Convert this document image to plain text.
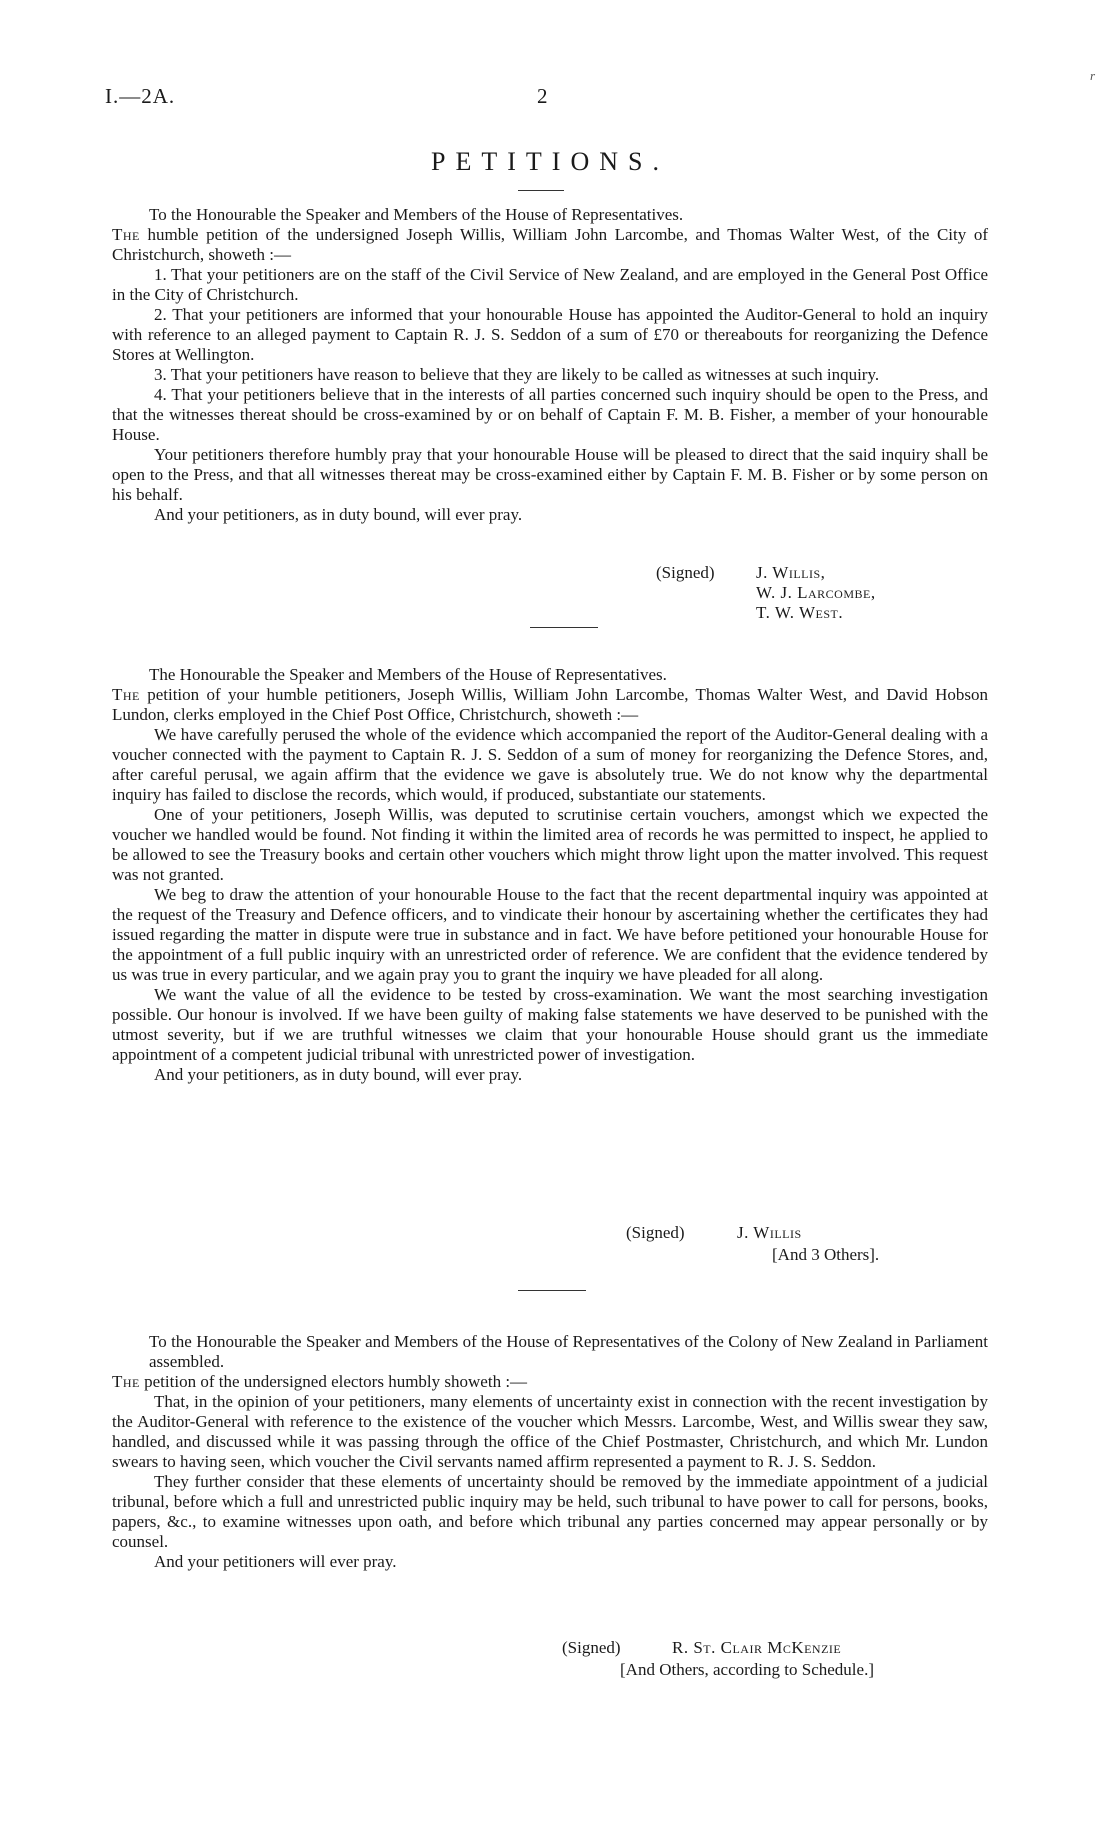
r
I.—2A.	2
PETITIONS.

To the Honourable the Speaker and Members of the House of Representatives.

The humble petition of the undersigned Joseph Willis, William John Larcombe, and Thomas Walter West, of the City of Christchurch, showeth :—

1. That your petitioners are on the staff of the Civil Service of New Zealand, and are employed in the General Post Office in the City of Christchurch.

2. That your petitioners are informed that your honourable House has appointed the Auditor-General to hold an inquiry with reference to an alleged payment to Captain R. J. S. Seddon of a sum of £70 or thereabouts for reorganizing the Defence Stores at Wellington.

3. That your petitioners have reason to believe that they are likely to be called as witnesses at such inquiry.

4. That your petitioners believe that in the interests of all parties concerned such inquiry should be open to the Press, and that the witnesses thereat should be cross-examined by or on behalf of Captain F. M. B. Fisher, a member of your honourable House.

Your petitioners therefore humbly pray that your honourable House will be pleased to direct that the said inquiry shall be open to the Press, and that all witnesses thereat may be cross-examined either by Captain F. M. B. Fisher or by some person on his behalf.

And your petitioners, as in duty bound, will ever pray.

(Signed) J. Willis,
W. J. Larcombe,
T. W. West.

The Honourable the Speaker and Members of the House of Representatives.

The petition of your humble petitioners, Joseph Willis, William John Larcombe, Thomas Walter West, and David Hobson Lundon, clerks employed in the Chief Post Office, Christchurch, showeth :—

We have carefully perused the whole of the evidence which accompanied the report of the Auditor-General dealing with a voucher connected with the payment to Captain R. J. S. Seddon of a sum of money for reorganizing the Defence Stores, and, after careful perusal, we again affirm that the evidence we gave is absolutely true. We do not know why the departmental inquiry has failed to disclose the records, which would, if produced, substantiate our statements.

One of your petitioners, Joseph Willis, was deputed to scrutinise certain vouchers, amongst which we expected the voucher we handled would be found. Not finding it within the limited area of records he was permitted to inspect, he applied to be allowed to see the Treasury books and certain other vouchers which might throw light upon the matter involved. This request was not granted.

We beg to draw the attention of your honourable House to the fact that the recent departmental inquiry was appointed at the request of the Treasury and Defence officers, and to vindicate their honour by ascertaining whether the certificates they had issued regarding the matter in dispute were true in substance and in fact. We have before petitioned your honourable House for the appointment of a full public inquiry with an unrestricted order of reference. We are confident that the evidence tendered by us was true in every particular, and we again pray you to grant the inquiry we have pleaded for all along.

We want the value of all the evidence to be tested by cross-examination. We want the most searching investigation possible. Our honour is involved. If we have been guilty of making false statements we have deserved to be punished with the utmost severity, but if we are truthful witnesses we claim that your honourable House should grant us the immediate appointment of a competent judicial tribunal with unrestricted power of investigation.

And your petitioners, as in duty bound, will ever pray.

(Signed)	J. Willis
[And 3 Others].

To the Honourable the Speaker and Members of the House of Representatives of the Colony of New Zealand in Parliament assembled.

The petition of the undersigned electors humbly showeth :—

That, in the opinion of your petitioners, many elements of uncertainty exist in connection with the recent investigation by the Auditor-General with reference to the existence of the voucher which Messrs. Larcombe, West, and Willis swear they saw, handled, and discussed while it was passing through the office of the Chief Postmaster, Christchurch, and which Mr. Lundon swears to having seen, which voucher the Civil servants named affirm represented a payment to R. J. S. Seddon.

They further consider that these elements of uncertainty should be removed by the immediate appointment of a judicial tribunal, before which a full and unrestricted public inquiry may be held, such tribunal to have power to call for persons, books, papers, &c., to examine witnesses upon oath, and before which tribunal any parties concerned may appear personally or by counsel.

And your petitioners will ever pray.

(Signed)	R. St. Clair McKenzie
[And Others, according to Schedule.]
